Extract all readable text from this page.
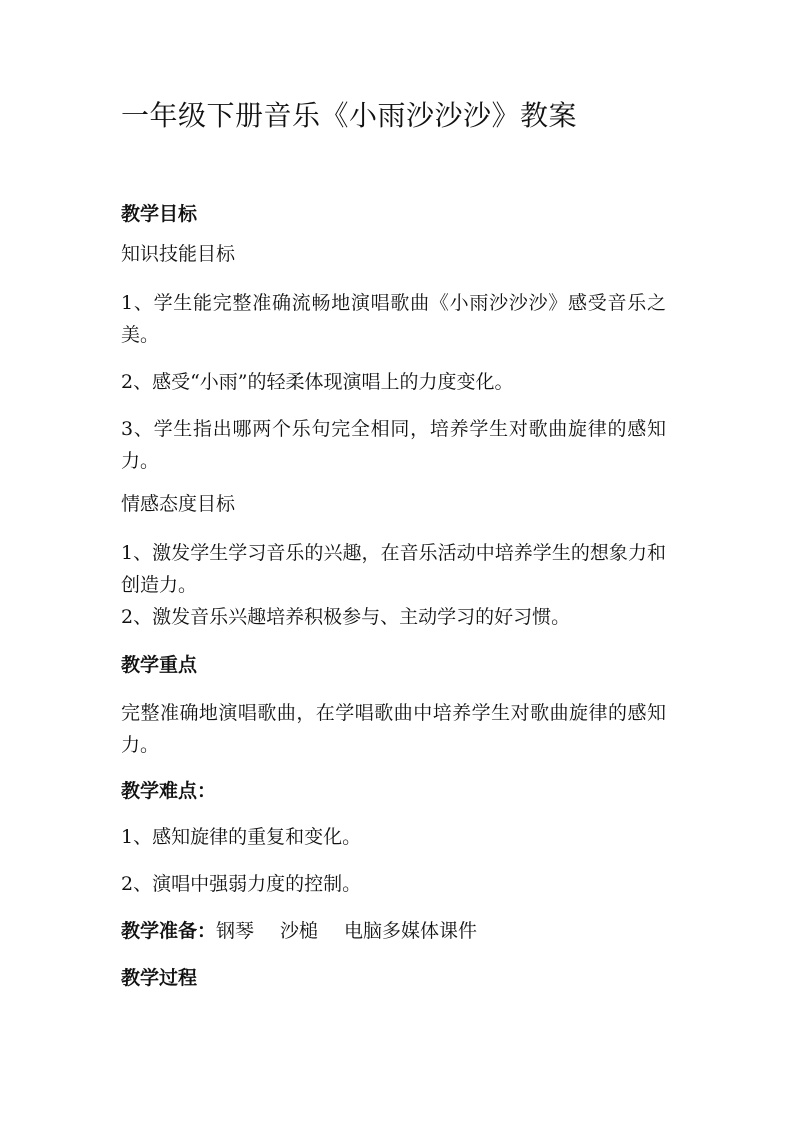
一年级下册音乐《小雨沙沙沙》教案
教学目标
知识技能目标
1、学生能完整准确流畅地演唱歌曲《小雨沙沙沙》感受音乐之美。
2、感受“小雨”的轻柔体现演唱上的力度变化。
3、学生指出哪两个乐句完全相同，培养学生对歌曲旋律的感知力。
情感态度目标
1、激发学生学习音乐的兴趣，在音乐活动中培养学生的想象力和创造力。
2、激发音乐兴趣培养积极参与、主动学习的好习惯。
教学重点
完整准确地演唱歌曲，在学唱歌曲中培养学生对歌曲旋律的感知力。
教学难点：
1、感知旋律的重复和变化。
2、演唱中强弱力度的控制。
教学准备：钢琴 沙槌 电脑多媒体课件
教学过程
